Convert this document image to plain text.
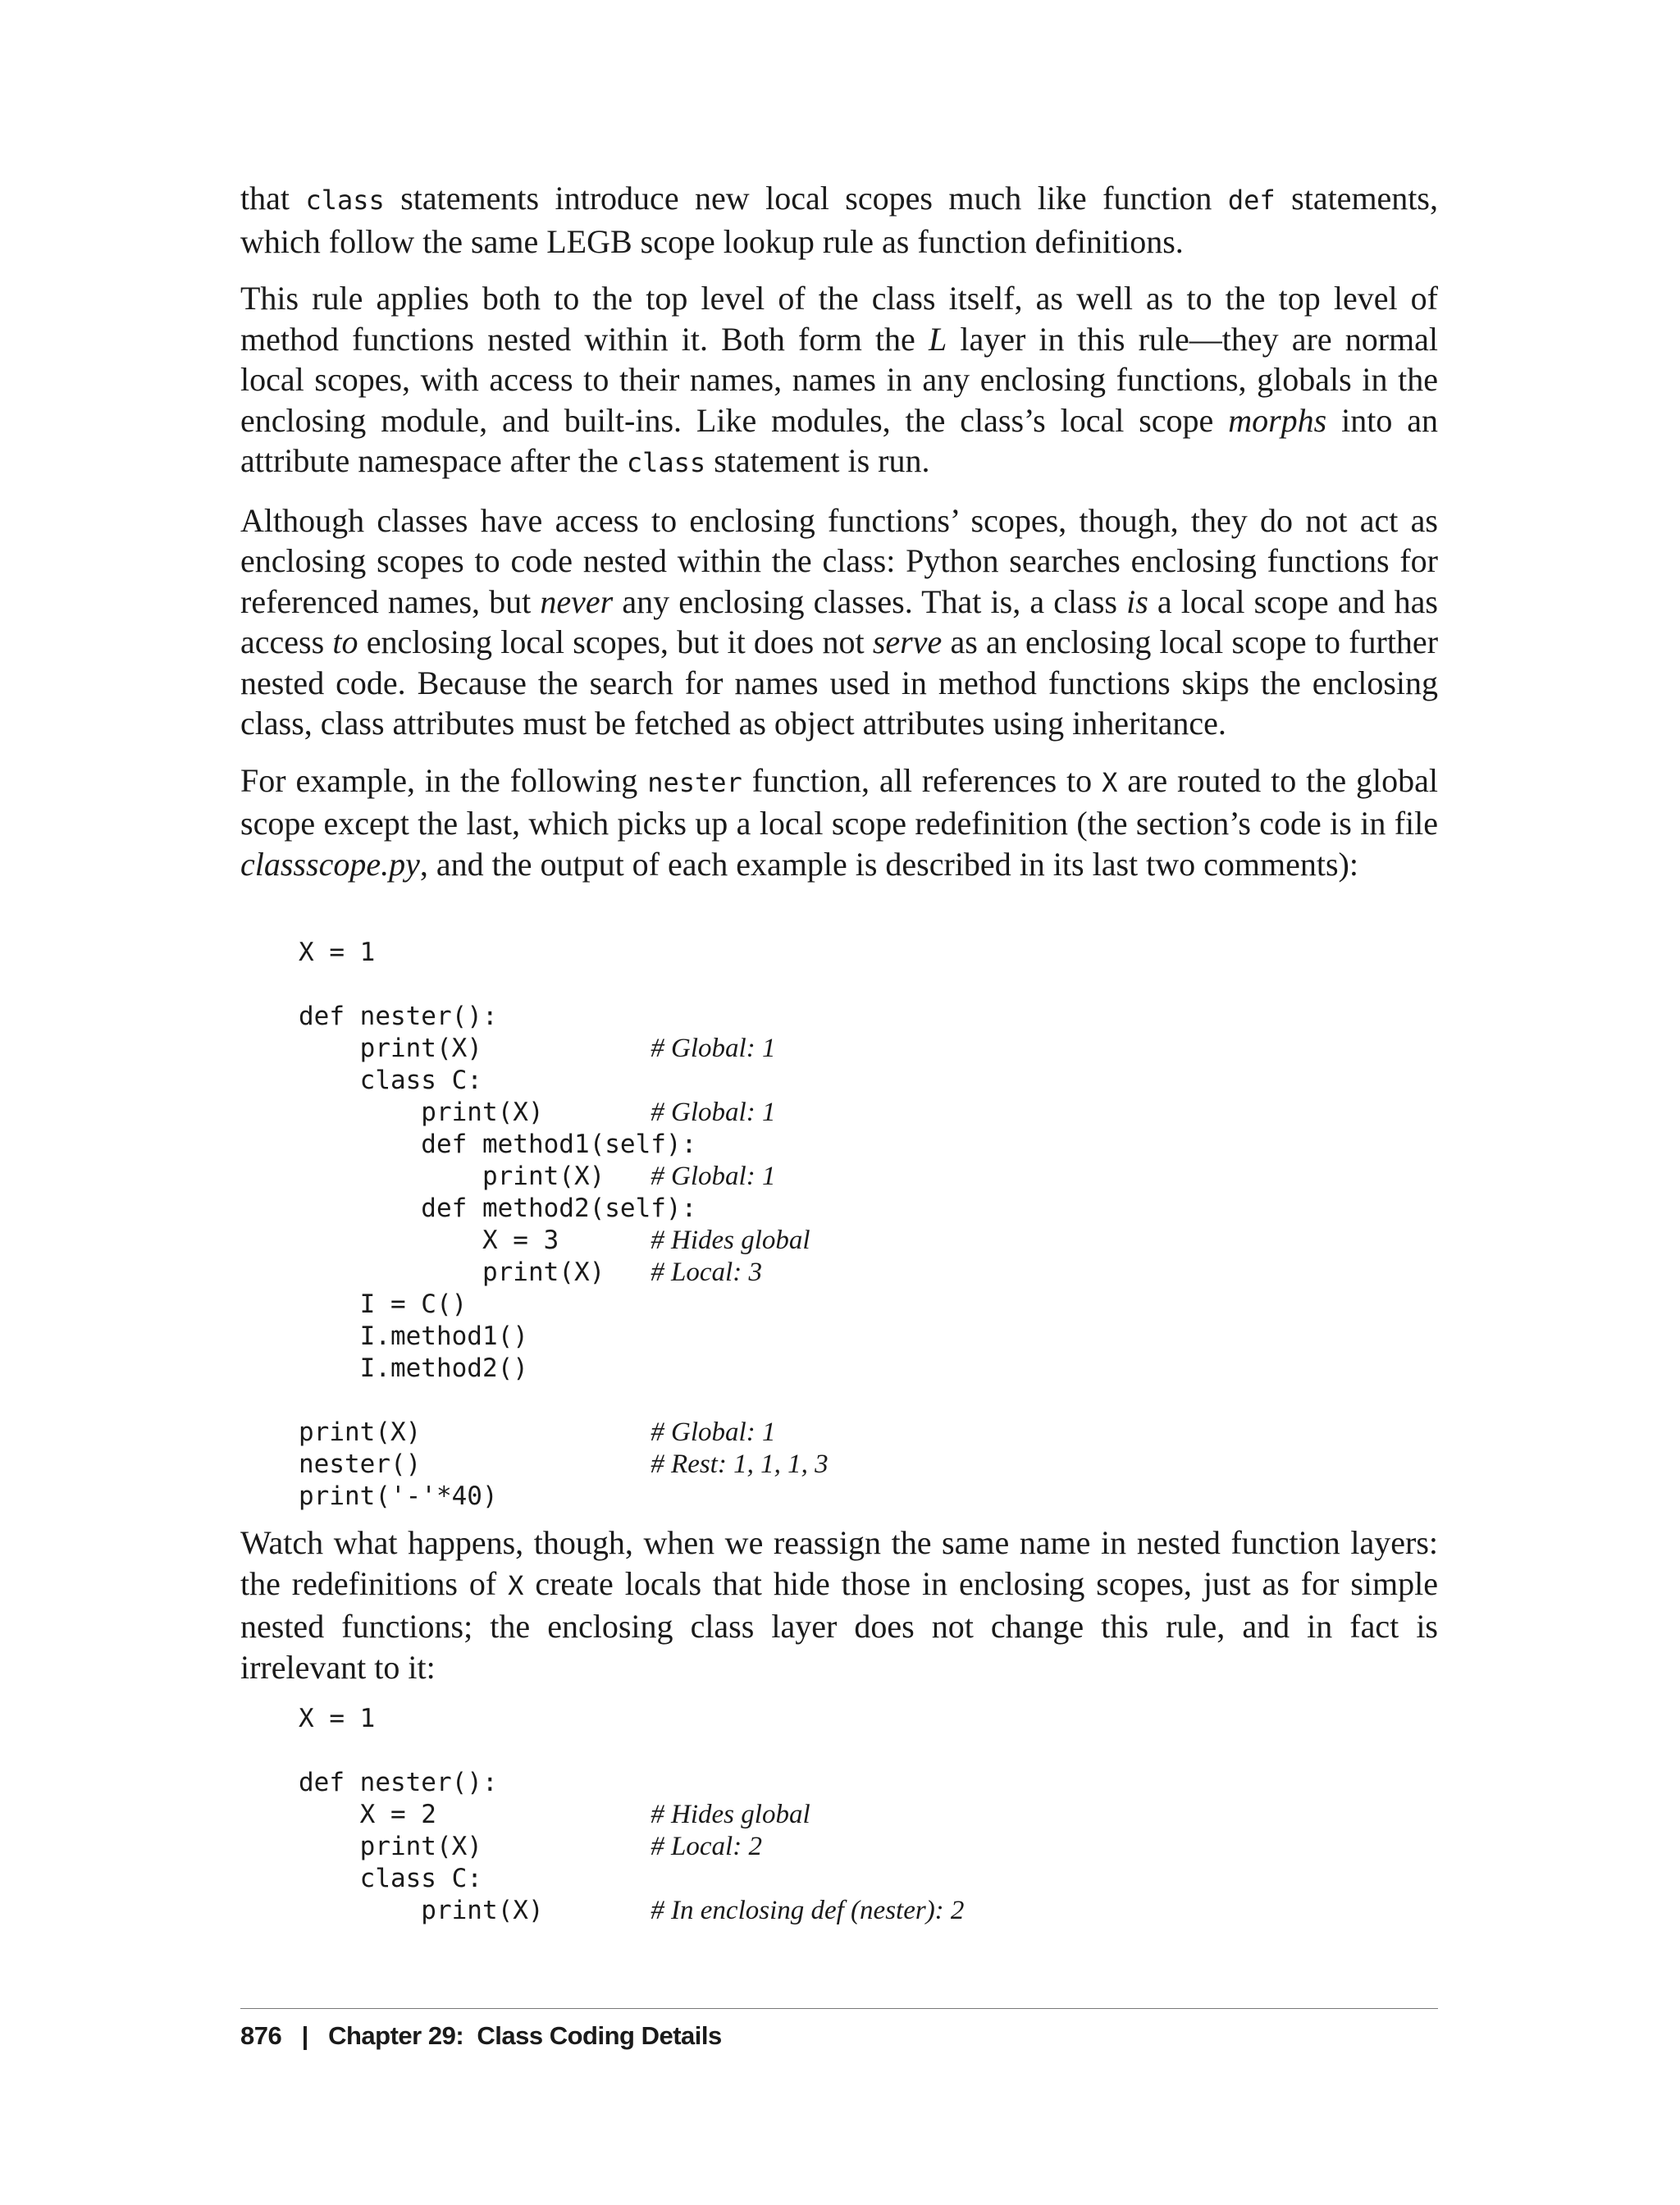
that class statements introduce new local scopes much like function def statements, which follow the same LEGB scope lookup rule as function definitions.

This rule applies both to the top level of the class itself, as well as to the top level of method functions nested within it. Both form the L layer in this rule—they are normal local scopes, with access to their names, names in any enclosing functions, globals in the enclosing module, and built-ins. Like modules, the class’s local scope morphs into an attribute namespace after the class statement is run.

Although classes have access to enclosing functions’ scopes, though, they do not act as enclosing scopes to code nested within the class: Python searches enclosing functions for referenced names, but never any enclosing classes. That is, a class is a local scope and has access to enclosing local scopes, but it does not serve as an enclosing local scope to further nested code. Because the search for names used in method functions skips the enclosing class, class attributes must be fetched as object attributes using inheritance.

For example, in the following nester function, all references to X are routed to the global scope except the last, which picks up a local scope redefinition (the section’s code is in file classscope.py, and the output of each example is described in its last two comments):

X = 1

def nester():
print(X)	# Global: 1
class C:
print(X)	# Global: 1
def method1(self):
print(X) # Global: 1
def method2(self):
X = 3	# Hides global
print(X) # Local: 3
I = C()
I.method1()
I.method2()

print(X)	# Global: 1
nester()	# Rest: 1, 1, 1, 3
print('-'*40)

Watch what happens, though, when we reassign the same name in nested function layers: the redefinitions of X create locals that hide those in enclosing scopes, just as for simple nested functions; the enclosing class layer does not change this rule, and in fact is irrelevant to it:

X = 1

def nester():
X = 2	# Hides global
print(X)	# Local: 2
class C:
print(X)	# In enclosing def (nester): 2
876 | Chapter 29:  Class Coding Details
